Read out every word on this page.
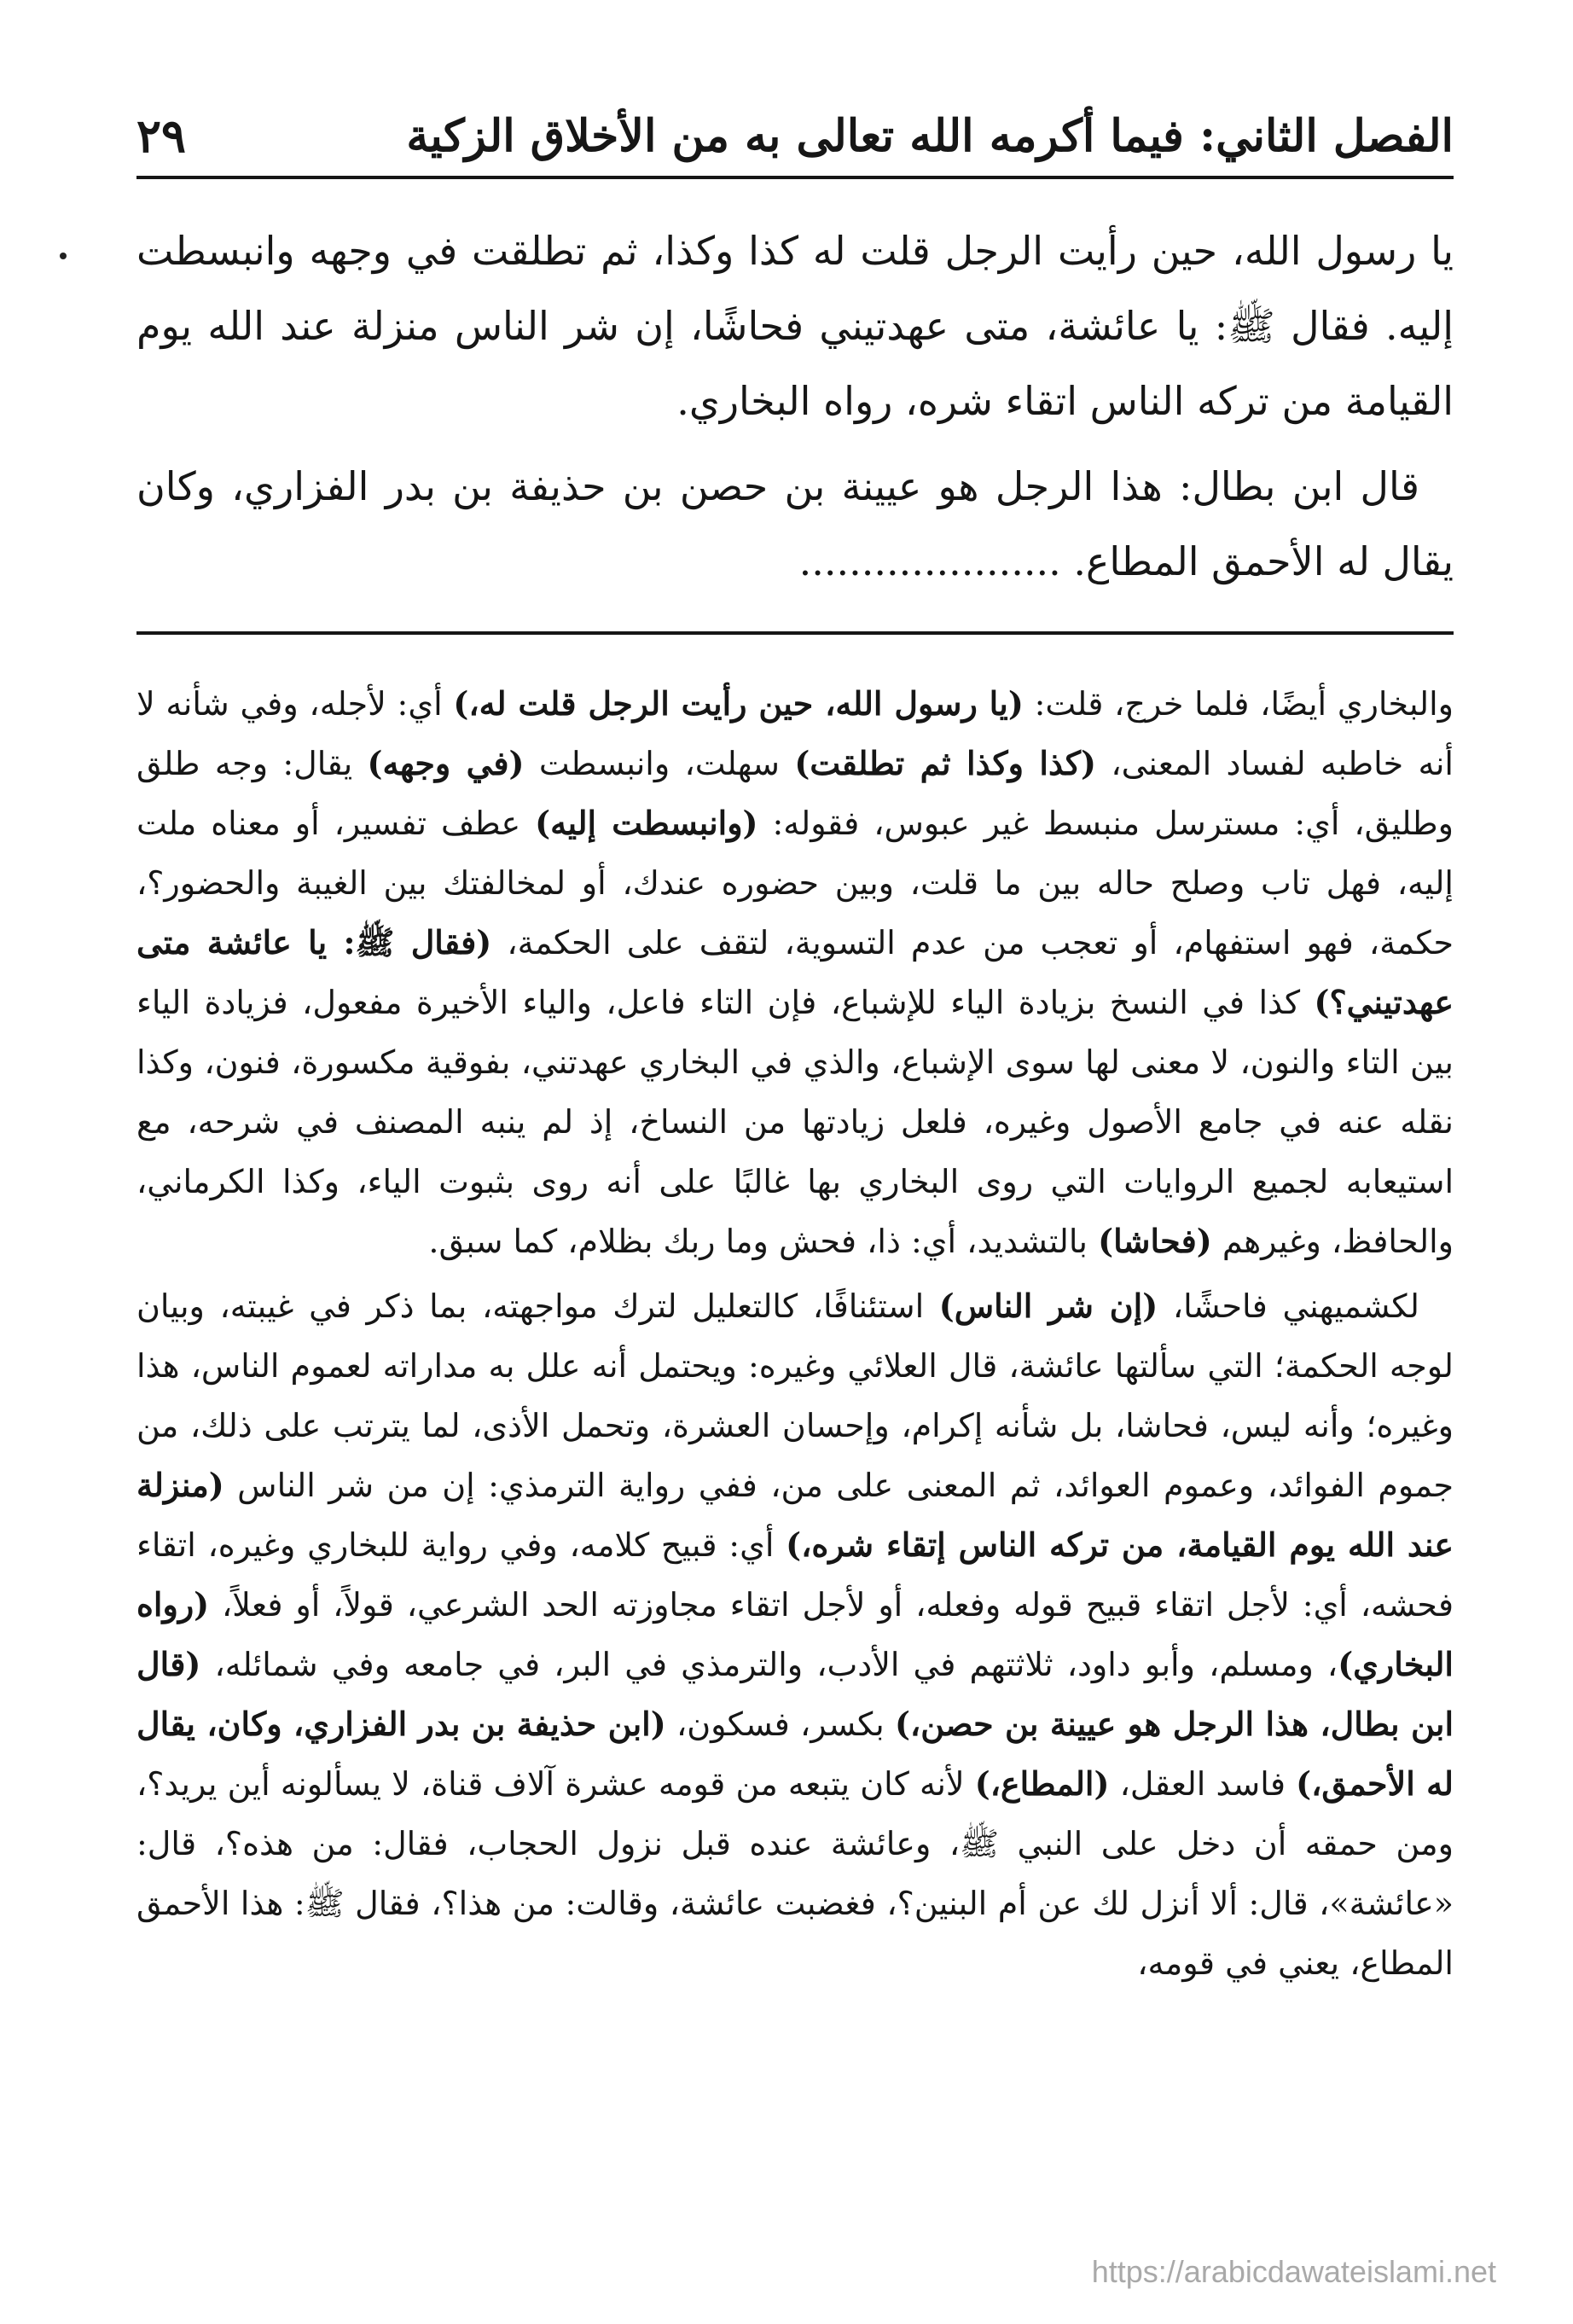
الفصل الثاني: فيما أكرمه الله تعالى به من الأخلاق الزكية
٢٩

يا رسول الله، حين رأيت الرجل قلت له كذا وكذا، ثم تطلقت في وجهه وانبسطت إليه. فقال ﷺ: يا عائشة، متى عهدتيني فحاشًا، إن شر الناس منزلة عند الله يوم القيامة من تركه الناس اتقاء شره، رواه البخاري.

قال ابن بطال: هذا الرجل هو عيينة بن حصن بن حذيفة بن بدر الفزاري، وكان يقال له الأحمق المطاع. .....................

والبخاري أيضًا، فلما خرج، قلت: (يا رسول الله، حين رأيت الرجل قلت له،) أي: لأجله، وفي شأنه لا أنه خاطبه لفساد المعنى، (كذا وكذا ثم تطلقت) سهلت، وانبسطت (في وجهه) يقال: وجه طلق وطليق، أي: مسترسل منبسط غير عبوس، فقوله: (وانبسطت إليه) عطف تفسير، أو معناه ملت إليه، فهل تاب وصلح حاله بين ما قلت، وبين حضوره عندك، أو لمخالفتك بين الغيبة والحضور؟، حكمة، فهو استفهام، أو تعجب من عدم التسوية، لتقف على الحكمة، (فقال ﷺ: يا عائشة متى عهدتيني؟) كذا في النسخ بزيادة الياء للإشباع، فإن التاء فاعل، والياء الأخيرة مفعول، فزيادة الياء بين التاء والنون، لا معنى لها سوى الإشباع، والذي في البخاري عهدتني، بفوقية مكسورة، فنون، وكذا نقله عنه في جامع الأصول وغيره، فلعل زيادتها من النساخ، إذ لم ينبه المصنف في شرحه، مع استيعابه لجميع الروايات التي روى البخاري بها غالبًا على أنه روى بثبوت الياء، وكذا الكرماني، والحافظ، وغيرهم (فحاشا) بالتشديد، أي: ذا، فحش وما ربك بظلام، كما سبق.

لكشميهني فاحشًا، (إن شر الناس) استئنافًا، كالتعليل لترك مواجهته، بما ذكر في غيبته، وبيان لوجه الحكمة؛ التي سألتها عائشة، قال العلائي وغيره: ويحتمل أنه علل به مداراته لعموم الناس، هذا وغيره؛ وأنه ليس، فحاشا، بل شأنه إكرام، وإحسان العشرة، وتحمل الأذى، لما يترتب على ذلك، من جموم الفوائد، وعموم العوائد، ثم المعنى على من، ففي رواية الترمذي: إن من شر الناس (منزلة عند الله يوم القيامة، من تركه الناس إتقاء شره،) أي: قبيح كلامه، وفي رواية للبخاري وغيره، اتقاء فحشه، أي: لأجل اتقاء قبيح قوله وفعله، أو لأجل اتقاء مجاوزته الحد الشرعي، قولاً، أو فعلاً، (رواه البخاري)، ومسلم، وأبو داود، ثلاثتهم في الأدب، والترمذي في البر، في جامعه وفي شمائله، (قال ابن بطال، هذا الرجل هو عيينة بن حصن،) بكسر، فسكون، (ابن حذيفة بن بدر الفزاري، وكان، يقال له الأحمق،) فاسد العقل، (المطاع،) لأنه كان يتبعه من قومه عشرة آلاف قناة، لا يسألونه أين يريد؟، ومن حمقه أن دخل على النبي ﷺ، وعائشة عنده قبل نزول الحجاب، فقال: من هذه؟، قال: «عائشة»، قال: ألا أنزل لك عن أم البنين؟، فغضبت عائشة، وقالت: من هذا؟، فقال ﷺ: هذا الأحمق المطاع، يعني في قومه،

https://arabicdawateislami.net
